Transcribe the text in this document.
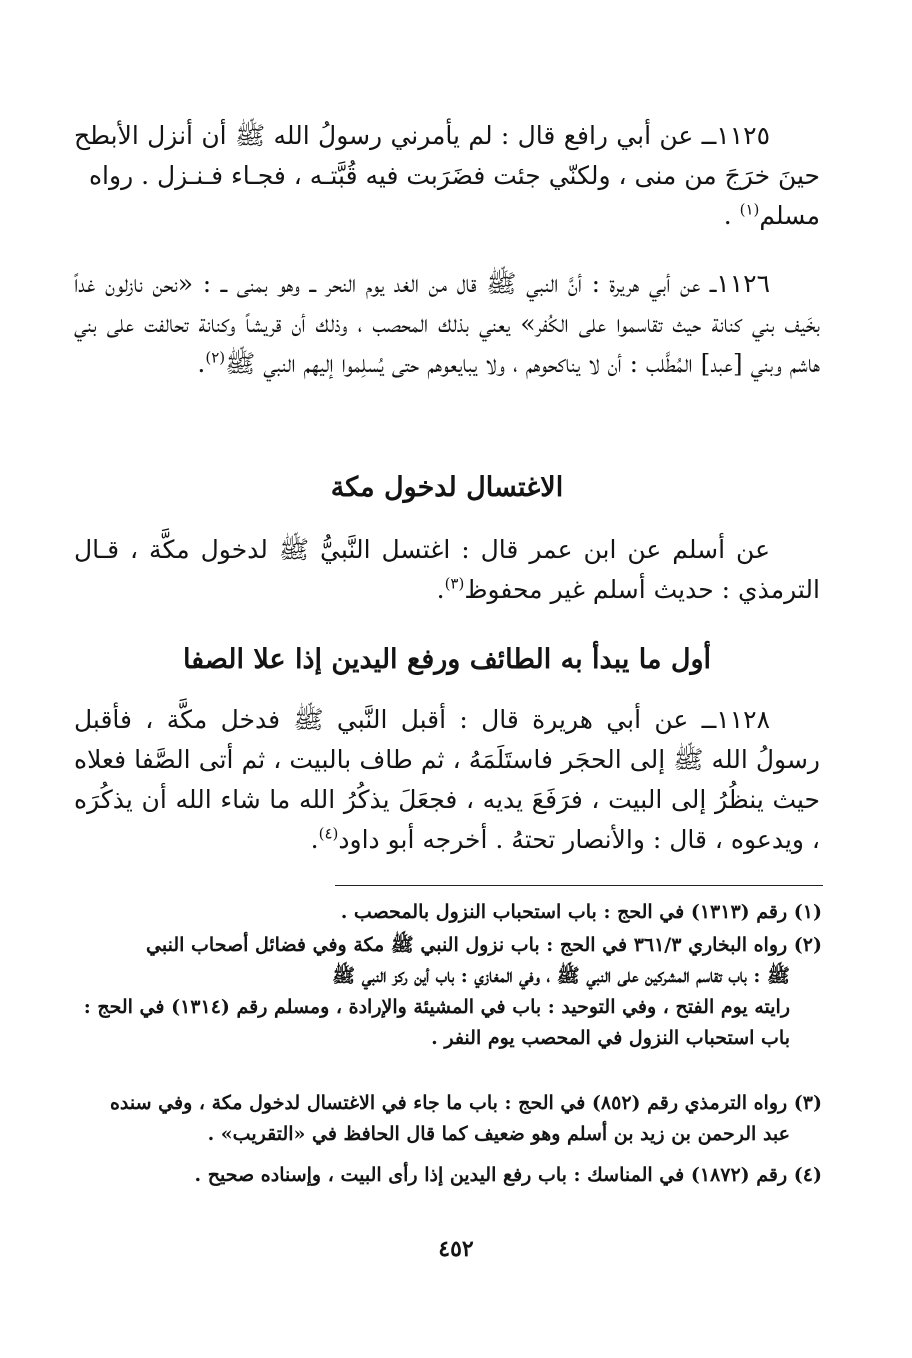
١١٢٥ــ عن أبي رافع قال : لم يأمرني رسولُ الله ﷺ أن أنزل الأبطح حينَ خرَجَ من منى ، ولكنّي جئت فضَرَبت فيه قُبَّتـه ، فجـاء فـنـزل . رواه

مسلم$^{(١)}$ .

١١٢٦ــ عن أبي هريرة : أنَّ النبي ﷺ قال من الغد يوم النحر ــ وهو بمنى ــ : «نحن نازلون غداً بخَيف بني كنانة حيث تقاسموا على الكُفر» يعني بذلك المحصب ، وذلك أن قريشاً وكنانة تحالفت على بني هاشم وبني [عبد] المُطَّلب : أن لا يناكحوهم ، ولا يبايعوهم حتى يُسلِموا إليهم النبي ﷺ$^{(٢)}$.

الاغتسال لدخول مكة

عن أسلم عن ابن عمر قال : اغتسل النَّبيُّ ﷺ لدخول مكَّة ، قـال الترمذي : حديث أسلم غير محفوظ$^{(٣)}$.

أول ما يبدأ به الطائف ورفع اليدين إذا علا الصفا

١١٢٨ــ عن أبي هريرة قال : أقبل النَّبي ﷺ فدخل مكَّة ، فأقبل رسولُ الله ﷺ إلى الحجَر فاستَلَمَهُ ، ثم طاف بالبيت ، ثم أتى الصَّفا فعلاه حيث ينظُرُ إلى البيت ، فرَفَعَ يديه ، فجعَلَ يذكُرُ الله ما شاء الله أن يذكُرَه ، ويدعوه ، قال : والأنصار تحتهُ . أخرجه أبو داود$^{(٤)}$.

(١) رقم (١٣١٣) في الحج : باب استحباب النزول بالمحصب .

(٢) رواه البخاري ٣٦١/٣ في الحج : باب نزول النبي ﷺ مكة وفي فضائل أصحاب النبي
ﷺ : باب تقاسم المشركين على النبي ﷺ ، وفي المغازي : باب أين ركز النبي ﷺ
رايته يوم الفتح ، وفي التوحيد : باب في المشيئة والإرادة ، ومسلم رقم (١٣١٤) في الحج :
باب استحباب النزول في المحصب يوم النفر .
(٣) رواه الترمذي رقم (٨٥٢) في الحج : باب ما جاء في الاغتسال لدخول مكة ، وفي سنده
عبد الرحمن بن زيد بن أسلم وهو ضعيف كما قال الحافظ في «التقريب» .

(٤) رقم (١٨٧٢) في المناسك : باب رفع اليدين إذا رأى البيت ، وإسناده صحيح .

٤٥٢
